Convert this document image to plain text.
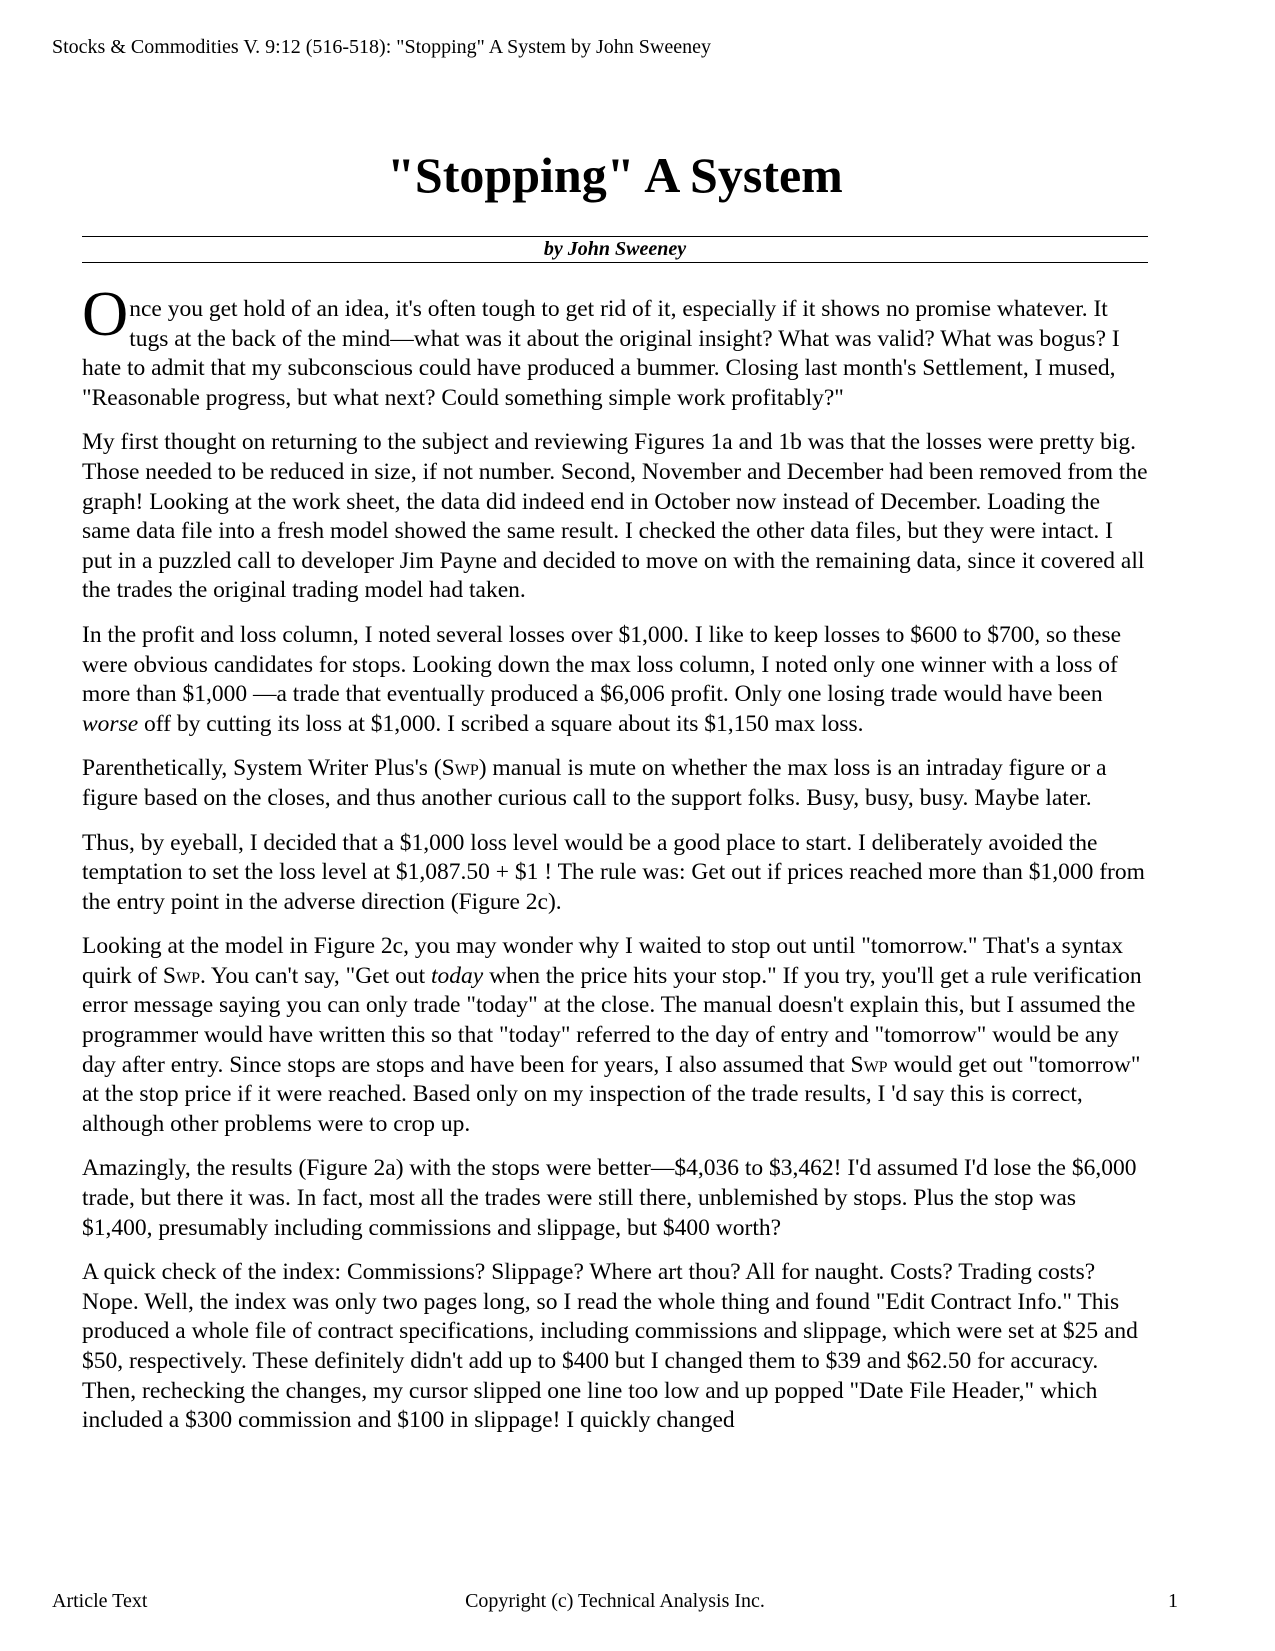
Stocks & Commodities V. 9:12 (516-518): "Stopping" A System by John Sweeney
"Stopping" A System
by John Sweeney

O nce you get hold of an idea, it's often tough to get rid of it, especially if it shows no promise whatever. It tugs at the back of the mind—what was it about the original insight? What was valid? What was bogus? I hate to admit that my subconscious could have produced a bummer. Closing last month's Settlement, I mused, "Reasonable progress, but what next? Could something simple work profitably?"

My first thought on returning to the subject and reviewing Figures 1a and 1b was that the losses were pretty big. Those needed to be reduced in size, if not number. Second, November and December had been removed from the graph! Looking at the work sheet, the data did indeed end in October now instead of December. Loading the same data file into a fresh model showed the same result. I checked the other data files, but they were intact. I put in a puzzled call to developer Jim Payne and decided to move on with the remaining data, since it covered all the trades the original trading model had taken.

In the profit and loss column, I noted several losses over $1,000. I like to keep losses to $600 to $700, so these were obvious candidates for stops. Looking down the max loss column, I noted only one winner with a loss of more than $1,000 —a trade that eventually produced a $6,006 profit. Only one losing trade would have been worse off by cutting its loss at $1,000. I scribed a square about its $1,150 max loss.

Parenthetically, System Writer Plus's (Swp) manual is mute on whether the max loss is an intraday figure or a figure based on the closes, and thus another curious call to the support folks. Busy, busy, busy. Maybe later.

Thus, by eyeball, I decided that a $1,000 loss level would be a good place to start. I deliberately avoided the temptation to set the loss level at $1,087.50 + $1 ! The rule was: Get out if prices reached more than $1,000 from the entry point in the adverse direction (Figure 2c).

Looking at the model in Figure 2c, you may wonder why I waited to stop out until "tomorrow." That's a syntax quirk of Swp. You can't say, "Get out today when the price hits your stop." If you try, you'll get a rule verification error message saying you can only trade "today" at the close. The manual doesn't explain this, but I assumed the programmer would have written this so that "today" referred to the day of entry and "tomorrow" would be any day after entry. Since stops are stops and have been for years, I also assumed that Swp would get out "tomorrow" at the stop price if it were reached. Based only on my inspection of the trade results, I 'd say this is correct, although other problems were to crop up.

Amazingly, the results (Figure 2a) with the stops were better—$4,036 to $3,462! I'd assumed I'd lose the $6,000 trade, but there it was. In fact, most all the trades were still there, unblemished by stops. Plus the stop was $1,400, presumably including commissions and slippage, but $400 worth?

A quick check of the index: Commissions? Slippage? Where art thou? All for naught. Costs? Trading costs? Nope. Well, the index was only two pages long, so I read the whole thing and found "Edit Contract Info." This produced a whole file of contract specifications, including commissions and slippage, which were set at $25 and $50, respectively. These definitely didn't add up to $400 but I changed them to $39 and $62.50 for accuracy. Then, rechecking the changes, my cursor slipped one line too low and up popped "Date File Header," which included a $300 commission and $100 in slippage! I quickly changed

Article Text	Copyright (c) Technical Analysis Inc.	1
